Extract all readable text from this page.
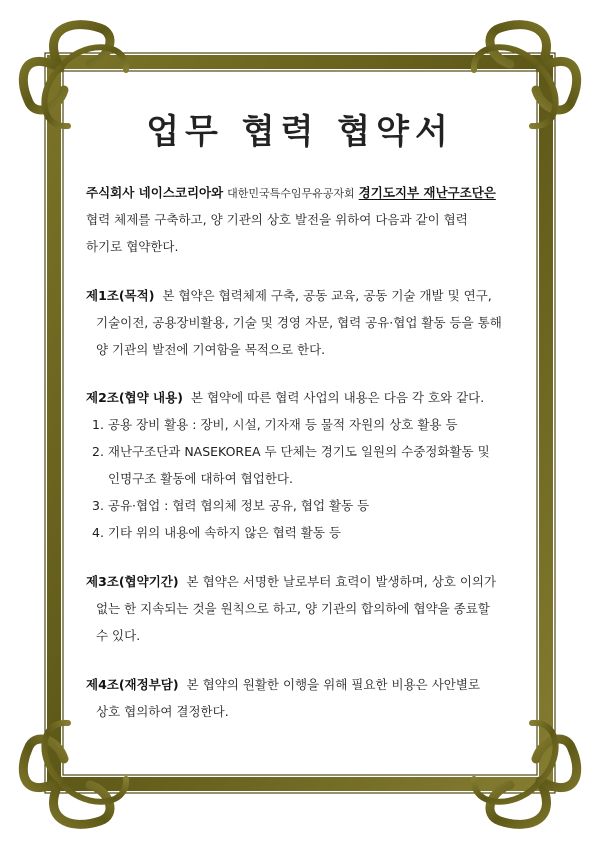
업무 협력 협약서
주식회사 네이스코리아와 대한민국특수임무유공자회 경기도지부 재난구조단은
협력 체제를 구축하고, 양 기관의 상호 발전을 위하여 다음과 같이 협력
하기로 협약한다.
제1조(목적) 본 협약은 협력체제 구축, 공동 교육, 공동 기술 개발 및 연구,
기술이전, 공용장비활용, 기술 및 경영 자문, 협력 공유·협업 활동 등을 통해
양 기관의 발전에 기여함을 목적으로 한다.
제2조(협약 내용) 본 협약에 따른 협력 사업의 내용은 다음 각 호와 같다.
1. 공용 장비 활용 : 장비, 시설, 기자재 등 물적 자원의 상호 활용 등
2. 재난구조단과 NASEKOREA 두 단체는 경기도 일원의 수중정화활동 및
인명구조 활동에 대하여 협업한다.
3. 공유·협업 : 협력 협의체 정보 공유, 협업 활동 등
4. 기타 위의 내용에 속하지 않은 협력 활동 등
제3조(협약기간) 본 협약은 서명한 날로부터 효력이 발생하며, 상호 이의가
없는 한 지속되는 것을 원칙으로 하고, 양 기관의 합의하에 협약을 종료할
수 있다.
제4조(재정부담) 본 협약의 원활한 이행을 위해 필요한 비용은 사안별로
상호 협의하여 결정한다.
